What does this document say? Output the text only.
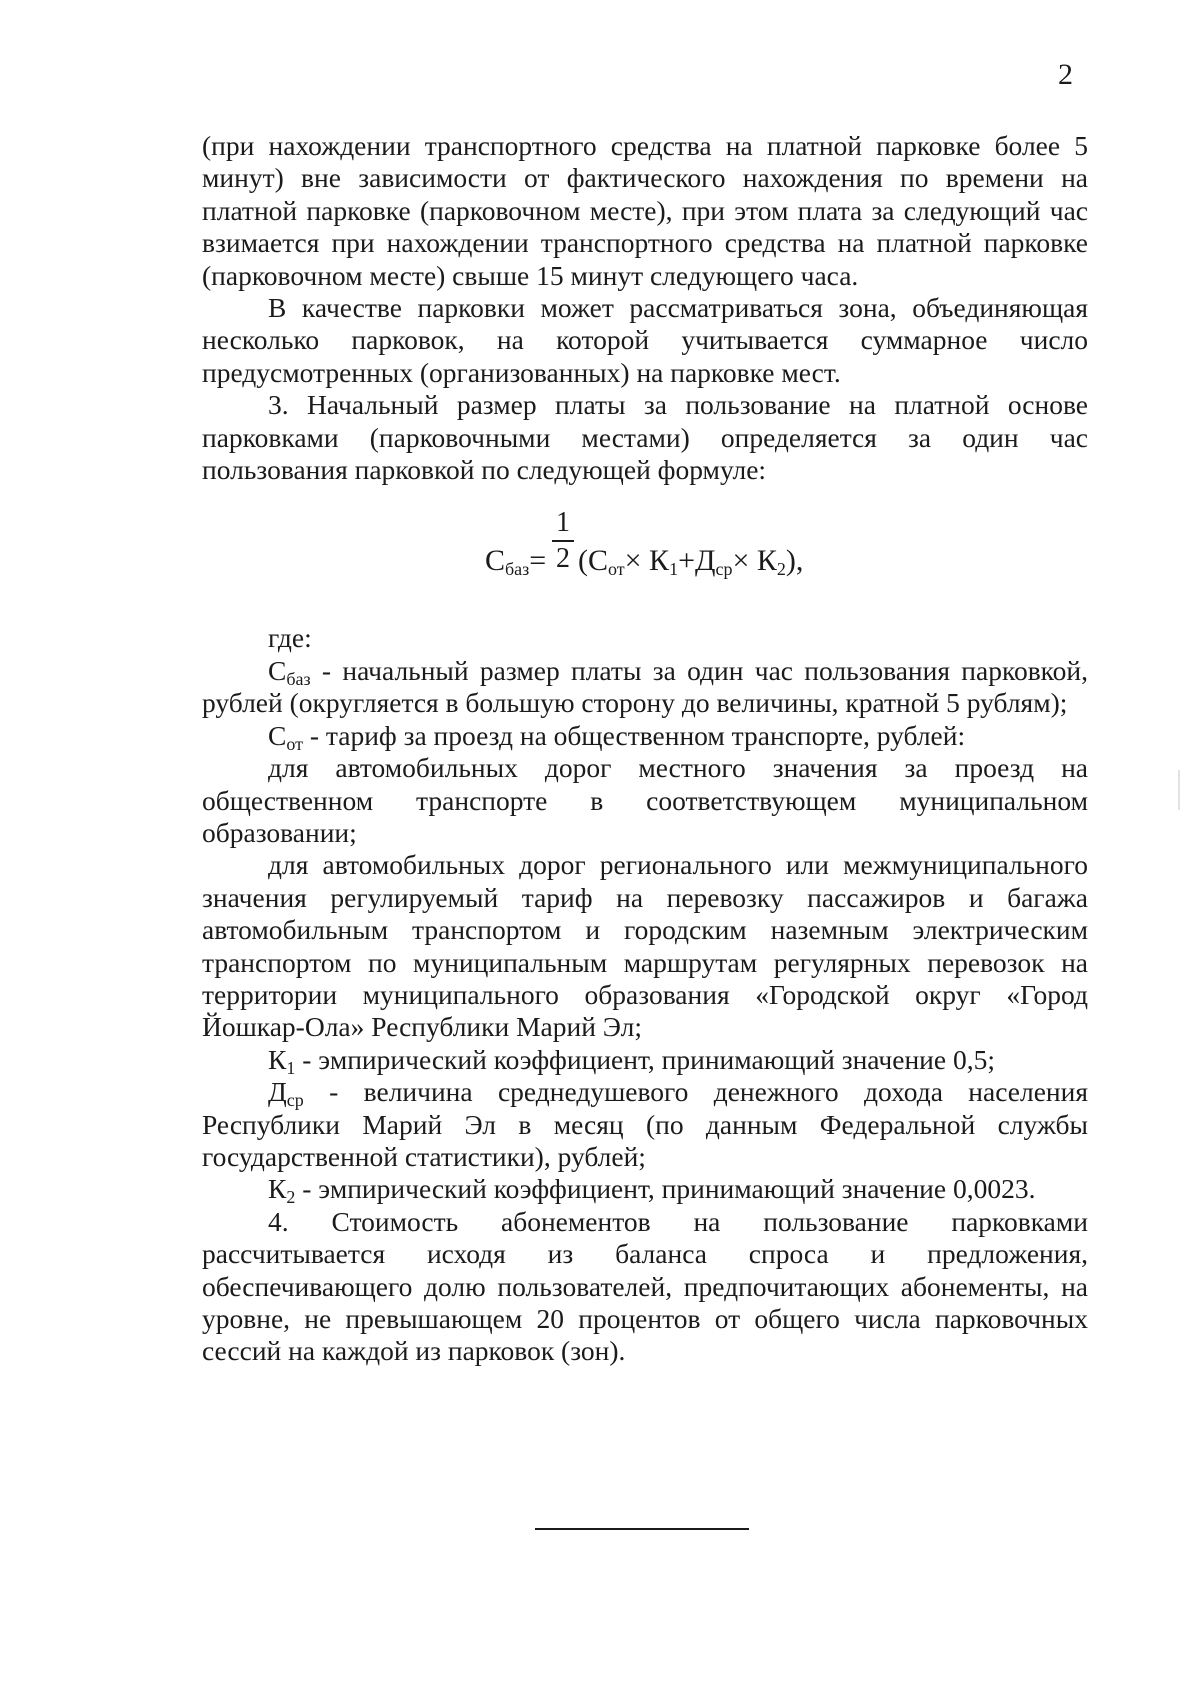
2

(при нахождении транспортного средства на платной парковке более 5 минут) вне зависимости от фактического нахождения по времени на платной парковке (парковочном месте), при этом плата за следующий час взимается при нахождении транспортного средства на платной парковке (парковочном месте) свыше 15 минут следующего часа.

В качестве парковки может рассматриваться зона, объединяющая несколько парковок, на которой учитывается суммарное число предусмотренных (организованных) на парковке мест.

3. Начальный размер платы за пользование на платной основе парковками (парковочными местами) определяется за один час пользования парковкой по следующей формуле:

$С_{баз}=$
1
2 $(С_{от}\times К_1+Д_{ср}\times К_2)$,

где:

$С_{баз}$ - начальный размер платы за один час пользования парковкой, рублей (округляется в большую сторону до величины, кратной 5 рублям);

$С_{от}$ - тариф за проезд на общественном транспорте, рублей:

для автомобильных дорог местного значения за проезд на общественном транспорте в соответствующем муниципальном образовании;

для автомобильных дорог регионального или межмуниципального значения регулируемый тариф на перевозку пассажиров и багажа автомобильным транспортом и городским наземным электрическим транспортом по муниципальным маршрутам регулярных перевозок на территории муниципального образования «Городской округ «Город Йошкар-Ола» Республики Марий Эл;

$К_1$ - эмпирический коэффициент, принимающий значение 0,5;

$Д_{ср}$ - величина среднедушевого денежного дохода населения Республики Марий Эл в месяц (по данным Федеральной службы государственной статистики), рублей;

$К_2$ - эмпирический коэффициент, принимающий значение 0,0023.

4. Стоимость абонементов на пользование парковками рассчитывается исходя из баланса спроса и предложения, обеспечивающего долю пользователей, предпочитающих абонементы, на уровне, не превышающем 20 процентов от общего числа парковочных сессий на каждой из парковок (зон).
